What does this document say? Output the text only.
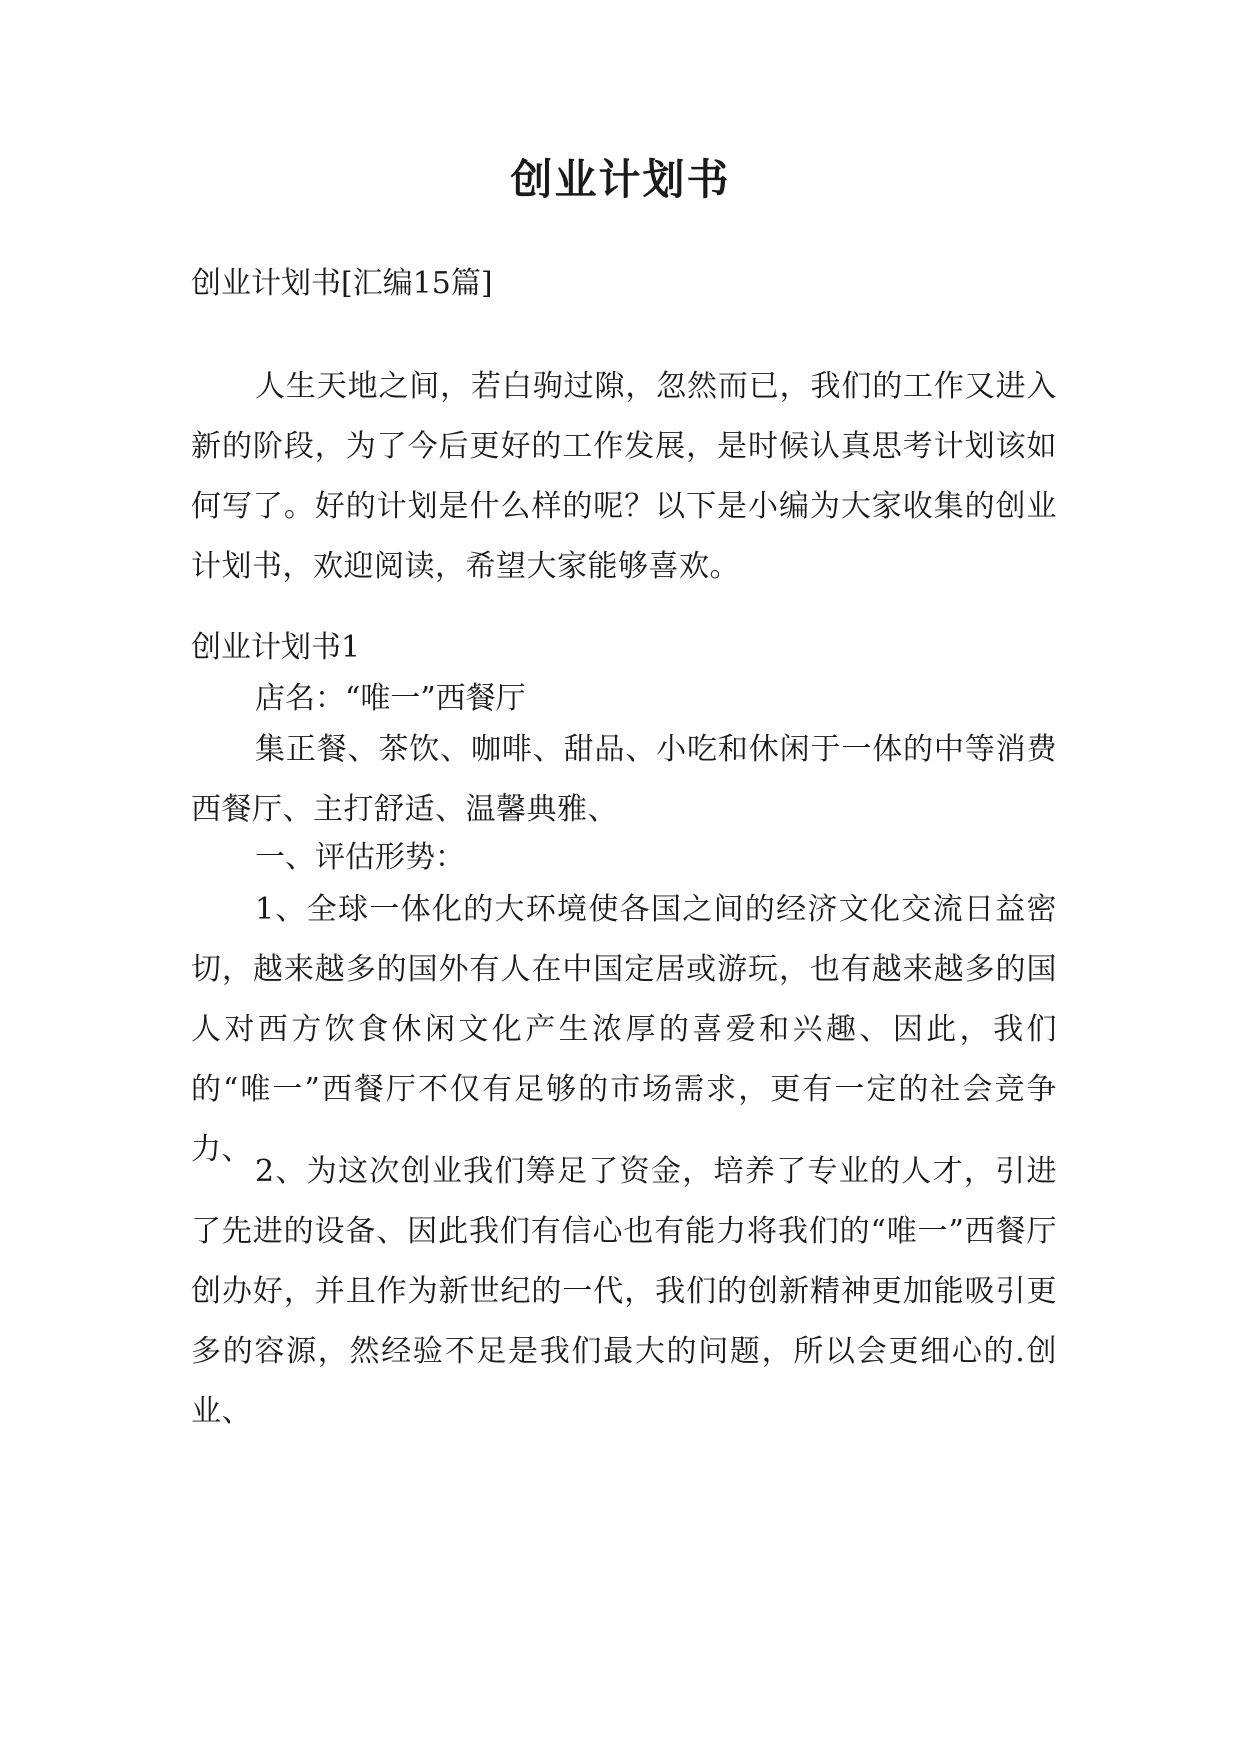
创业计划书
创业计划书[汇编15篇]
人生天地之间，若白驹过隙，忽然而已，我们的工作又进入新的阶段，为了今后更好的工作发展，是时候认真思考计划该如何写了。好的计划是什么样的呢？以下是小编为大家收集的创业计划书，欢迎阅读，希望大家能够喜欢。
创业计划书1
店名：“唯一”西餐厅
集正餐、茶饮、咖啡、甜品、小吃和休闲于一体的中等消费西餐厅、主打舒适、温馨典雅、
一、评估形势：
1、全球一体化的大环境使各国之间的经济文化交流日益密切，越来越多的国外有人在中国定居或游玩，也有越来越多的国人对西方饮食休闲文化产生浓厚的喜爱和兴趣、因此，我们的“唯一”西餐厅不仅有足够的市场需求，更有一定的社会竞争力、
2、为这次创业我们筹足了资金，培养了专业的人才，引进了先进的设备、因此我们有信心也有能力将我们的“唯一”西餐厅创办好，并且作为新世纪的一代，我们的创新精神更加能吸引更多的容源，然经验不足是我们最大的问题，所以会更细心的.创业、
